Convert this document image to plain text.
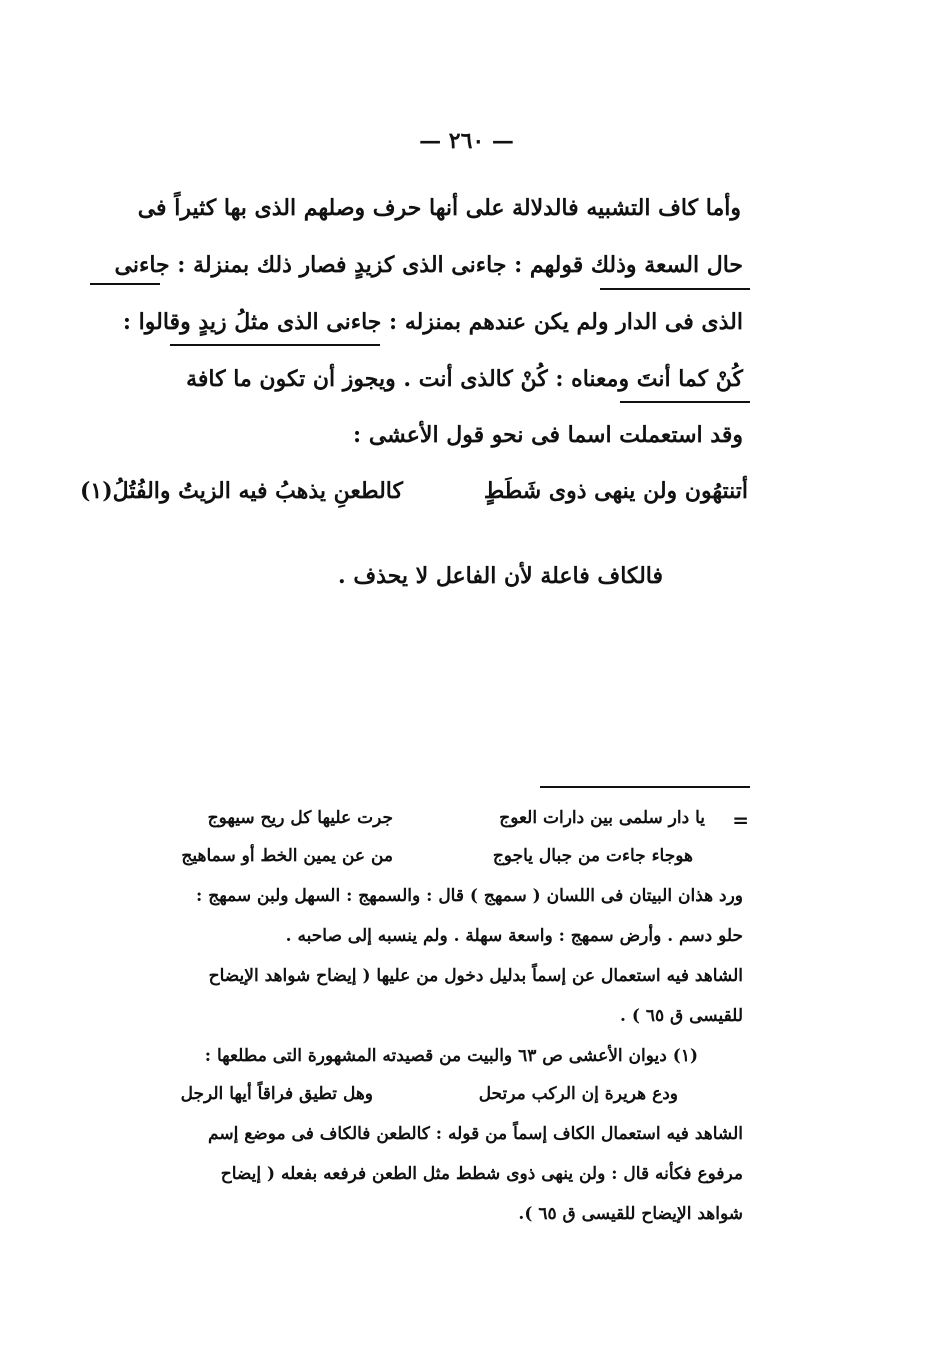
— ٢٦٠ —
وأما كاف التشبيه فالدلالة على أنها حرف وصلهم الذى بها كثيراً فى
حال السعة وذلك قولهم : جاءنى الذى كزيدٍ فصار ذلك بمنزلة : جاءنى
الذى فى الدار ولم يكن عندهم بمنزله : جاءنى الذى مثلُ زيدٍ وقالوا :
كُنْ كما أنتَ ومعناه : كُنْ كالذى أنت . ويجوز أن تكون ما كافة
وقد استعملت اسما فى نحو قول الأعشى :
أتنتهُون ولن ينهى ذوى شَطَطٍ
كالطعنِ يذهبُ فيه الزيتُ والفُتُلُ(١)
فالكاف فاعلة لأن الفاعل لا يحذف .
=
يا دار سلمى بين دارات العوج
جرت عليها كل ريح سيهوج
هوجاء جاءت من جبال ياجوج
من عن يمين الخط أو سماهيج
ورد هذان البيتان فى اللسان ( سمهج ) قال : والسمهج : السهل ولبن سمهج :
حلو دسم . وأرض سمهج : واسعة سهلة . ولم ينسبه إلى صاحبه .
الشاهد فيه استعمال عن إسماً بدليل دخول من عليها ( إيضاح شواهد الإيضاح
للقيسى ق ٦٥ ) .
(١) ديوان الأعشى ص ٦٣ والبيت من قصيدته المشهورة التى مطلعها :
ودع هريرة إن الركب مرتحل
وهل تطيق فراقاً أيها الرجل
الشاهد فيه استعمال الكاف إسماً من قوله : كالطعن فالكاف فى موضع إسم
مرفوع فكأنه قال : ولن ينهى ذوى شطط مثل الطعن فرفعه بفعله ( إيضاح
شواهد الإيضاح للقيسى ق ٦٥ ).
